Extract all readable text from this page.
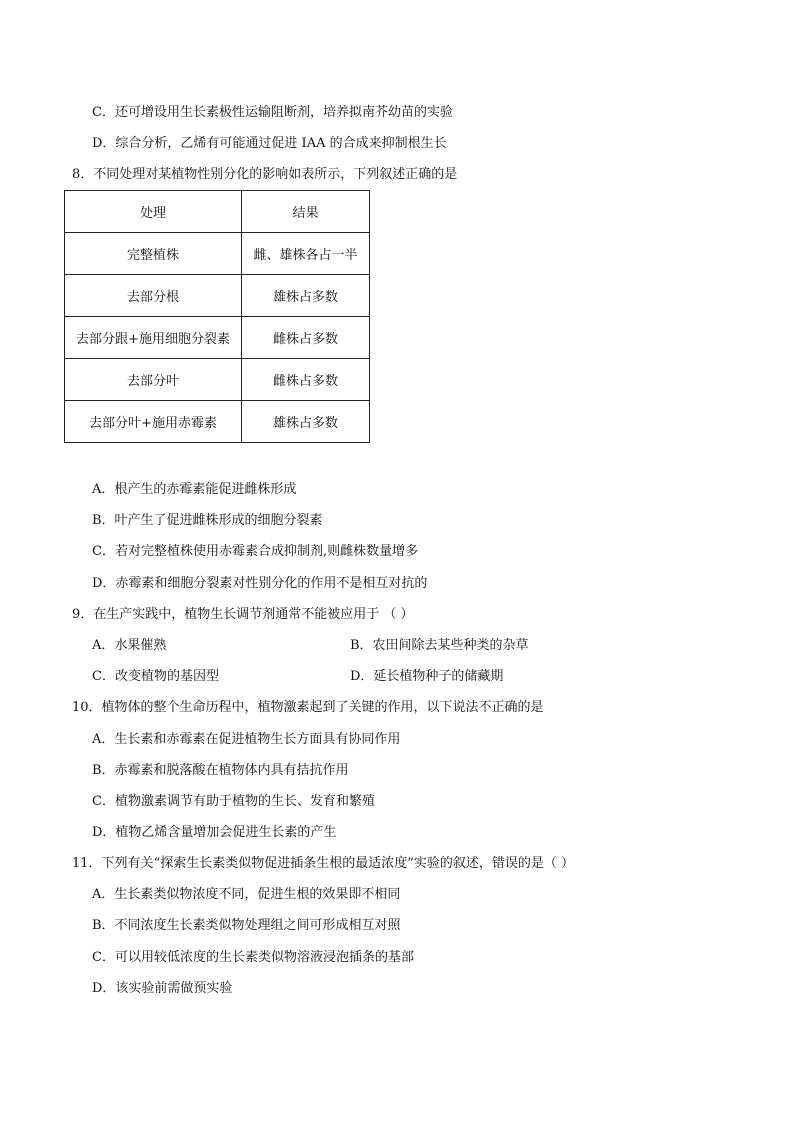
C．还可增设用生长素极性运输阻断剂，培养拟南芥幼苗的实验
D．综合分析，乙烯有可能通过促进 IAA 的合成来抑制根生长
8．不同处理对某植物性别分化的影响如表所示，下列叙述正确的是
处理	结果
完整植株	雌、雄株各占一半
去部分根	雄株占多数
去部分跟+施用细胞分裂素	雌株占多数
去部分叶	雌株占多数
去部分叶+施用赤霉素	雄株占多数
A．根产生的赤霉素能促进雌株形成
B．叶产生了促进雌株形成的细胞分裂素
C．若对完整植株使用赤霉素合成抑制剂,则雌株数量增多
D．赤霉素和细胞分裂素对性别分化的作用不是相互对抗的
9．在生产实践中，植物生长调节剂通常不能被应用于 （ ）
A．水果催熟	B．农田间除去某些种类的杂草
C．改变植物的基因型	D．延长植物种子的储藏期
10．植物体的整个生命历程中，植物激素起到了关键的作用，以下说法不正确的是
A．生长素和赤霉素在促进植物生长方面具有协同作用
B．赤霉素和脱落酸在植物体内具有拮抗作用
C．植物激素调节有助于植物的生长、发育和繁殖
D．植物乙烯含量增加会促进生长素的产生
11．下列有关“探索生长素类似物促进插条生根的最适浓度”实验的叙述，错误的是（ ）
A．生长素类似物浓度不同，促进生根的效果即不相同
B．不同浓度生长素类似物处理组之间可形成相互对照
C．可以用较低浓度的生长素类似物溶液浸泡插条的基部
D．该实验前需做预实验
